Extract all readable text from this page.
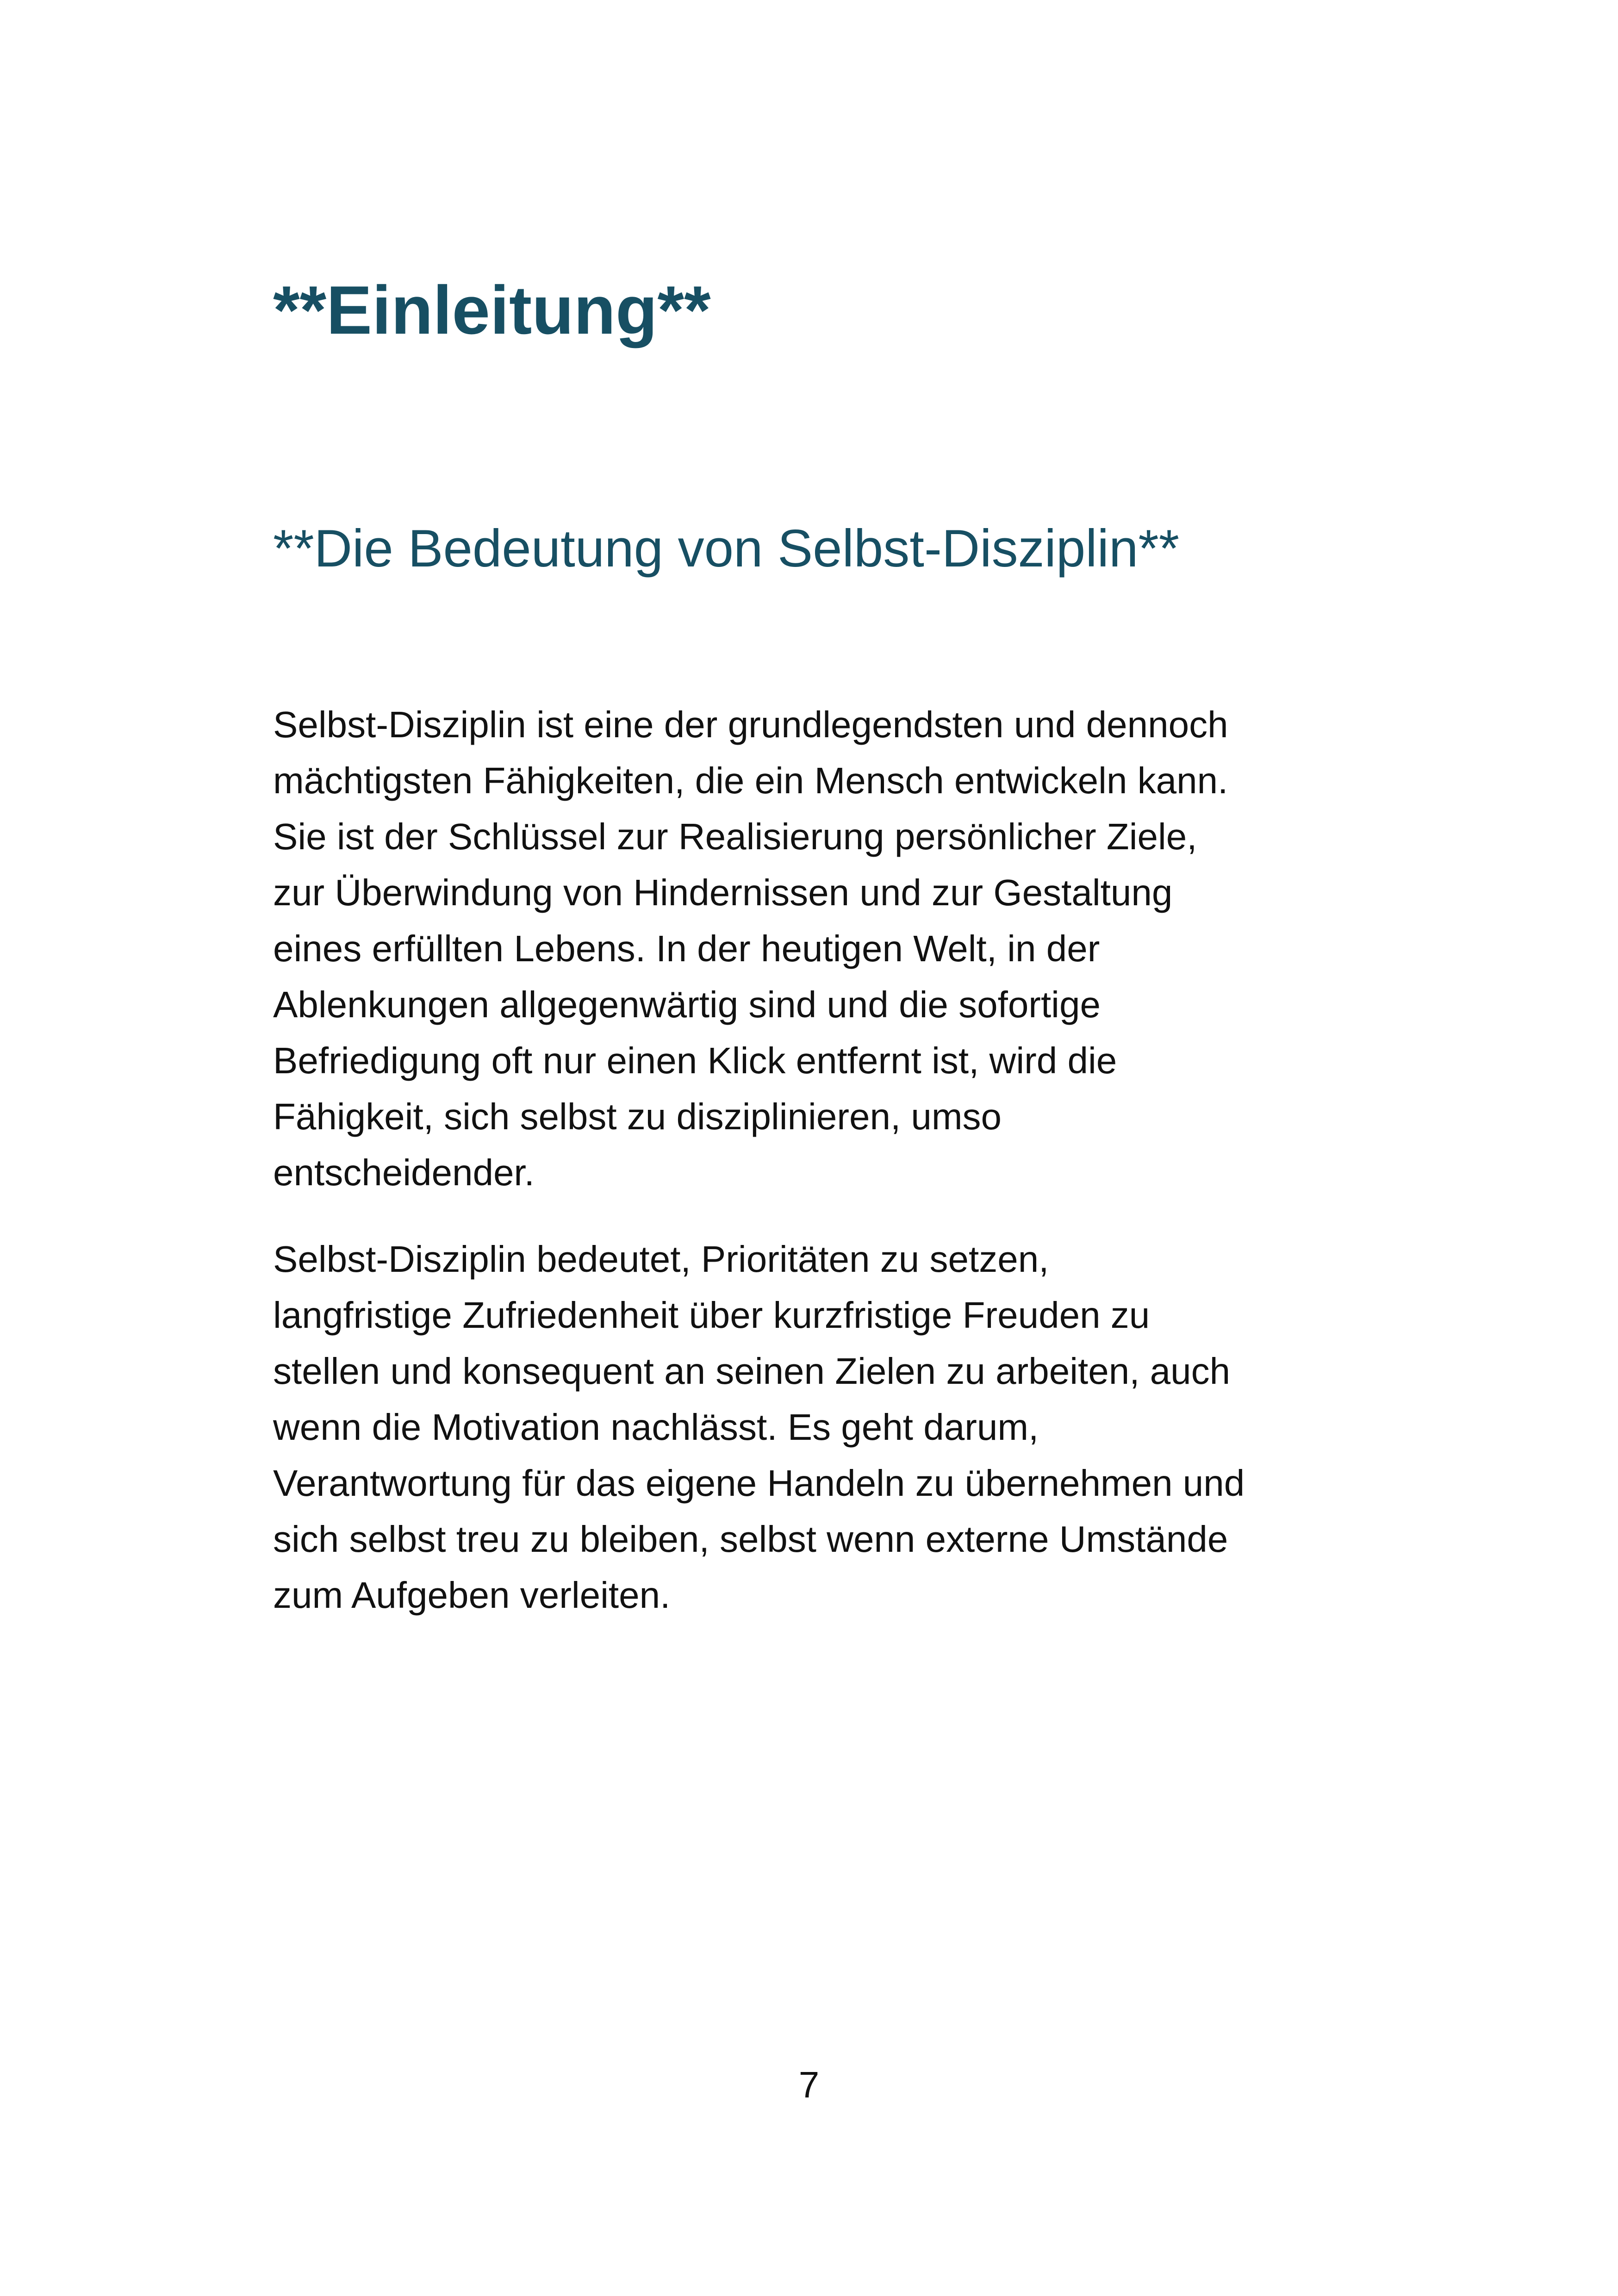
**Einleitung**
**Die Bedeutung von Selbst-Disziplin**

Selbst-Disziplin ist eine der grundlegendsten und dennoch
mächtigsten Fähigkeiten, die ein Mensch entwickeln kann.
Sie ist der Schlüssel zur Realisierung persönlicher Ziele,
zur Überwindung von Hindernissen und zur Gestaltung
eines erfüllten Lebens. In der heutigen Welt, in der
Ablenkungen allgegenwärtig sind und die sofortige
Befriedigung oft nur einen Klick entfernt ist, wird die
Fähigkeit, sich selbst zu disziplinieren, umso
entscheidender.

Selbst-Disziplin bedeutet, Prioritäten zu setzen,
langfristige Zufriedenheit über kurzfristige Freuden zu
stellen und konsequent an seinen Zielen zu arbeiten, auch
wenn die Motivation nachlässt. Es geht darum,
Verantwortung für das eigene Handeln zu übernehmen und
sich selbst treu zu bleiben, selbst wenn externe Umstände
zum Aufgeben verleiten.

7
